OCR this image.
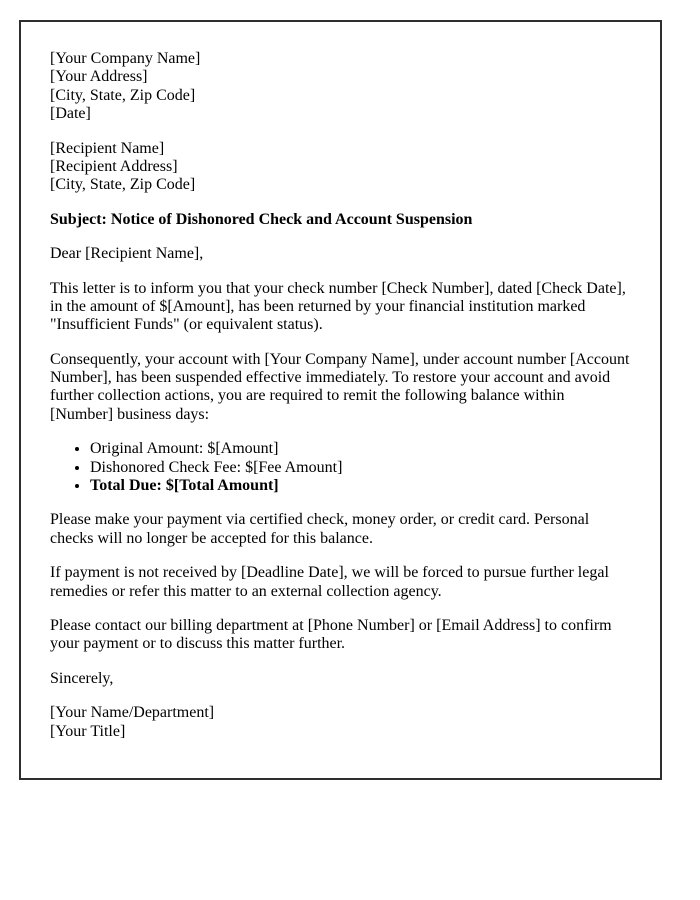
[Your Company Name]
[Your Address]
[City, State, Zip Code]
[Date]

[Recipient Name]
[Recipient Address]
[City, State, Zip Code]

Subject: Notice of Dishonored Check and Account Suspension

Dear [Recipient Name],

This letter is to inform you that your check number [Check Number], dated [Check Date], in the amount of $[Amount], has been returned by your financial institution marked "Insufficient Funds" (or equivalent status).

Consequently, your account with [Your Company Name], under account number [Account Number], has been suspended effective immediately. To restore your account and avoid further collection actions, you are required to remit the following balance within [Number] business days:

• Original Amount: $[Amount]
• Dishonored Check Fee: $[Fee Amount]
• Total Due: $[Total Amount]

Please make your payment via certified check, money order, or credit card. Personal checks will no longer be accepted for this balance.

If payment is not received by [Deadline Date], we will be forced to pursue further legal remedies or refer this matter to an external collection agency.

Please contact our billing department at [Phone Number] or [Email Address] to confirm your payment or to discuss this matter further.

Sincerely,

[Your Name/Department]
[Your Title]
